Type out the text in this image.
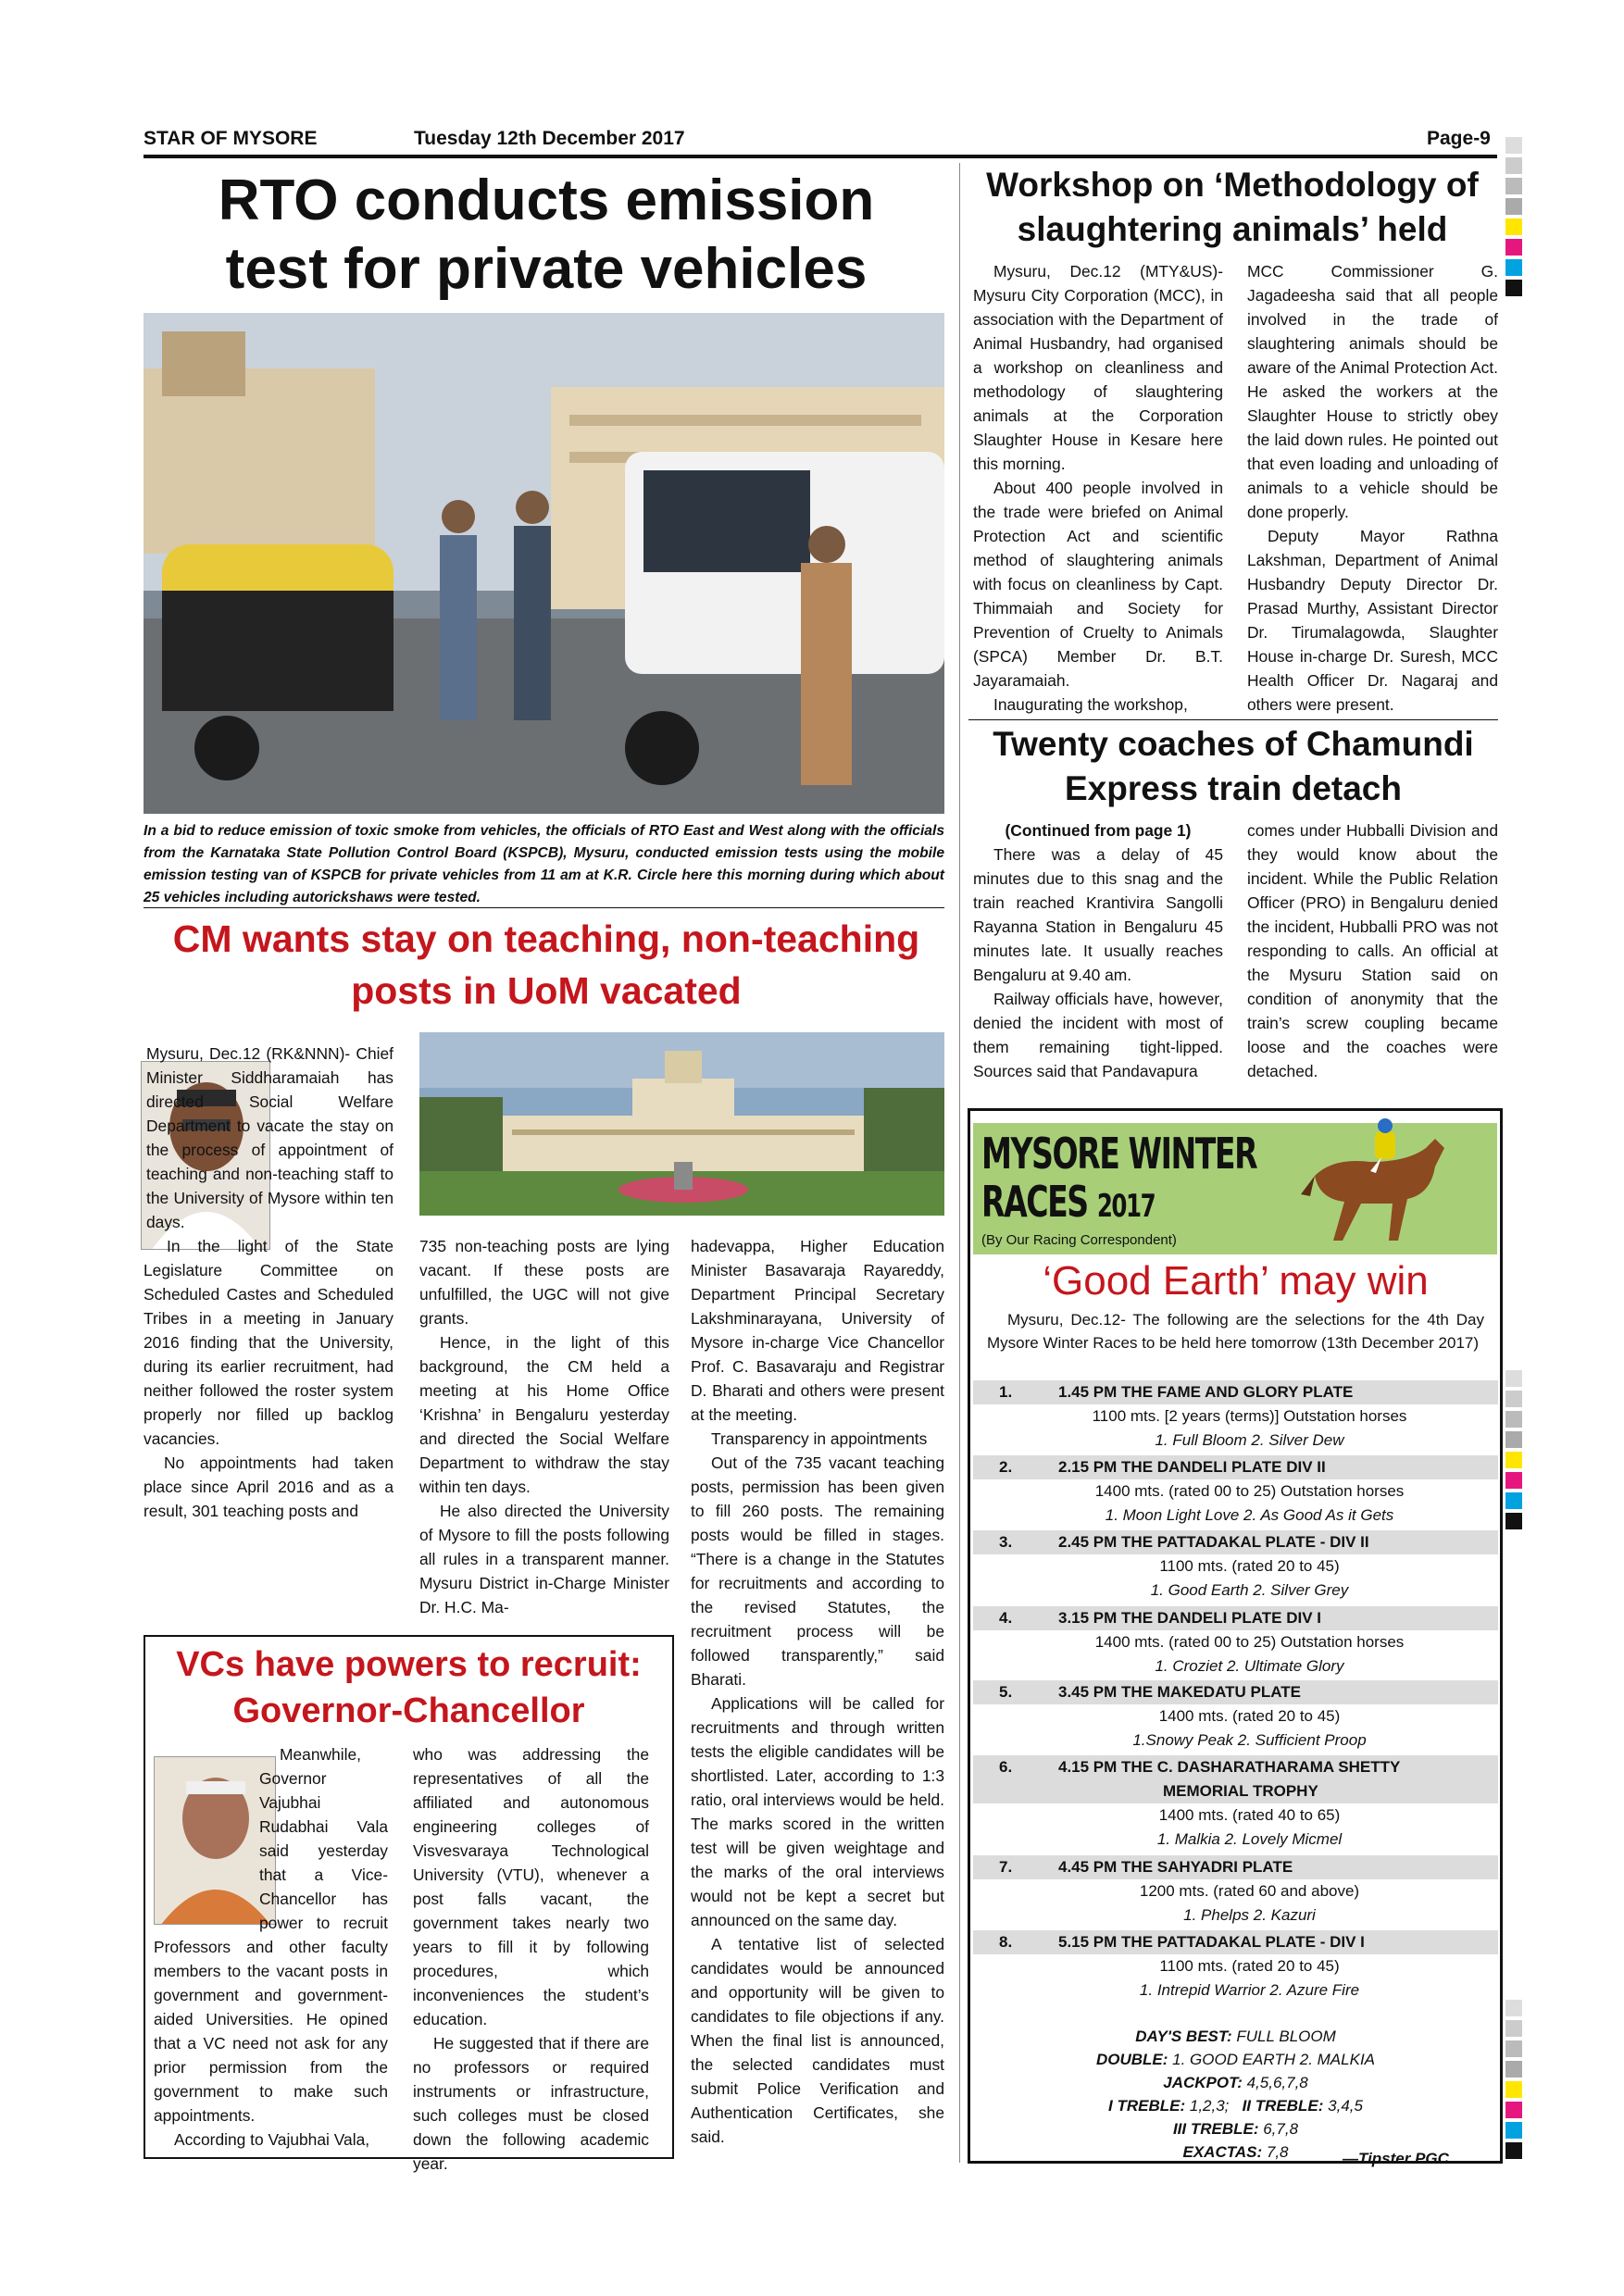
STAR OF MYSORE	Tuesday 12th December 2017	Page-9
RTO conducts emission
test for private vehicles
In a bid to reduce emission of toxic smoke from vehicles, the officials of RTO East and West along with the officials from the Karnataka State Pollution Control Board (KSPCB), Mysuru, conducted emission tests using the mobile emission testing van of KSPCB for private vehicles from 11 am at K.R. Circle here this morning during which about 25 vehicles including autorickshaws were tested.
CM wants stay on teaching, non-teaching
posts in UoM vacated

Mysuru, Dec.12 (RK&NNN)- Chief Minister Siddharamaiah has directed Social Welfare Department to vacate the stay on the process of appointment of teaching and non-teaching staff to the University of Mysore within ten days.

In the light of the State Legislature Committee on Scheduled Castes and Scheduled Tribes in a meeting in January 2016 finding that the University, during its earlier recruitment, had neither followed the roster system properly nor filled up backlog vacancies.

No appointments had taken place since April 2016 and as a result, 301 teaching posts and

735 non-teaching posts are lying vacant. If these posts are unfulfilled, the UGC will not give grants.

Hence, in the light of this background, the CM held a meeting at his Home Office ‘Krishna’ in Bengaluru yesterday and directed the Social Welfare Department to withdraw the stay within ten days.

He also directed the University of Mysore to fill the posts following all rules in a transparent manner. Mysuru District in-Charge Minister Dr. H.C. Ma-

hadevappa, Higher Education Minister Basavaraja Rayareddy, Department Principal Secretary Lakshminarayana, University of Mysore in-charge Vice Chancellor Prof. C. Basavaraju and Registrar D. Bharati and others were present at the meeting.

Transparency in appointments

Out of the 735 vacant teaching posts, permission has been given to fill 260 posts. The remaining posts would be filled in stages. “There is a change in the Statutes for recruitments and according to the revised Statutes, the recruitment process will be followed transparently,” said Bharati.

Applications will be called for recruitments and through written tests the eligible candidates will be shortlisted. Later, according to 1:3 ratio, oral interviews would be held. The marks scored in the written test will be given weightage and the marks of the oral interviews would not be kept a secret but announced on the same day.

A tentative list of selected candidates would be announced and opportunity will be given to candidates to file objections if any. When the final list is announced, the selected candidates must submit Police Verification and Authentication Certificates, she said.

VCs have powers to recruit:
Governor-Chancellor

Meanwhile, Governor Vajubhai Rudabhai Vala said yesterday that a Vice-Chancellor has power to recruit Professors and other faculty members to the vacant posts in government and government-aided Universities. He opined that a VC need not ask for any prior permission from the government to make such appointments.

According to Vajubhai Vala,

who was addressing the representatives of all the affiliated and autonomous engineering colleges of Visvesvaraya Technological University (VTU), whenever a post falls vacant, the government takes nearly two years to fill it by following procedures, which inconveniences the student’s education.

He suggested that if there are no professors or required instruments or infrastructure, such colleges must be closed down the following academic year.

Workshop on ‘Methodology of
slaughtering animals’ held

Mysuru, Dec.12 (MTY&US)- Mysuru City Corporation (MCC), in association with the Department of Animal Husbandry, had organised a workshop on cleanliness and methodology of slaughtering animals at the Corporation Slaughter House in Kesare here this morning.

About 400 people involved in the trade were briefed on Animal Protection Act and scientific method of slaughtering animals with focus on cleanliness by Capt. Thimmaiah and Society for Prevention of Cruelty to Animals (SPCA) Member Dr. B.T. Jayaramaiah.

Inaugurating the workshop,

MCC Commissioner G. Jagadeesha said that all people involved in the trade of slaughtering animals should be aware of the Animal Protection Act. He asked the workers at the Slaughter House to strictly obey the laid down rules. He pointed out that even loading and unloading of animals to a vehicle should be done properly.

Deputy Mayor Rathna Lakshman, Department of Animal Husbandry Deputy Director Dr. Prasad Murthy, Assistant Director Dr. Tirumalagowda, Slaughter House in-charge Dr. Suresh, MCC Health Officer Dr. Nagaraj and others were present.

Twenty coaches of Chamundi
Express train detach

(Continued from page 1)

There was a delay of 45 minutes due to this snag and the train reached Krantivira Sangolli Rayanna Station in Bengaluru 45 minutes late. It usually reaches Bengaluru at 9.40 am.

Railway officials have, however, denied the incident with most of them remaining tight-lipped. Sources said that Pandavapura

comes under Hubballi Division and they would know about the incident. While the Public Relation Officer (PRO) in Bengaluru denied the incident, Hubballi PRO was not responding to calls. An official at the Mysuru Station said on condition of anonymity that the train’s screw coupling became loose and the coaches were detached.

MYSORE WINTER
RACES 2017
(By Our Racing Correspondent)
‘Good Earth’ may win

Mysuru, Dec.12- The following are the selections for the 4th Day Mysore Winter Races to be held here tomorrow (13th December 2017)

1.	1.45 PM THE FAME AND GLORY PLATE
1100 mts. [2 years (terms)] Outstation horses
1. Full Bloom 2. Silver Dew
2.	2.15 PM THE DANDELI PLATE DIV II
1400 mts. (rated 00 to 25) Outstation horses
1. Moon Light Love 2. As Good As it Gets
3.	2.45 PM THE PATTADAKAL PLATE - DIV II
1100 mts. (rated 20 to 45)
1. Good Earth 2. Silver Grey
4.	3.15 PM THE DANDELI PLATE DIV I
1400 mts. (rated 00 to 25) Outstation horses
1. Croziet 2. Ultimate Glory
5.	3.45 PM THE MAKEDATU PLATE
1400 mts. (rated 20 to 45)
1.Snowy Peak 2. Sufficient Proop
6.	4.15 PM THE C. DASHARATHARAMA SHETTY
MEMORIAL TROPHY
1400 mts. (rated 40 to 65)
1. Malkia 2. Lovely Micmel
7.	4.45 PM THE SAHYADRI PLATE
1200 mts. (rated 60 and above)
1. Phelps 2. Kazuri
8.	5.15 PM THE PATTADAKAL PLATE - DIV I
1100 mts. (rated 20 to 45)
1. Intrepid Warrior 2. Azure Fire
DAY'S BEST: FULL BLOOM
DOUBLE: 1. GOOD EARTH 2. MALKIA
JACKPOT: 4,5,6,7,8
I TREBLE: 1,2,3; II TREBLE: 3,4,5
III TREBLE: 6,7,8
EXACTAS: 7,8	—Tipster PGC
